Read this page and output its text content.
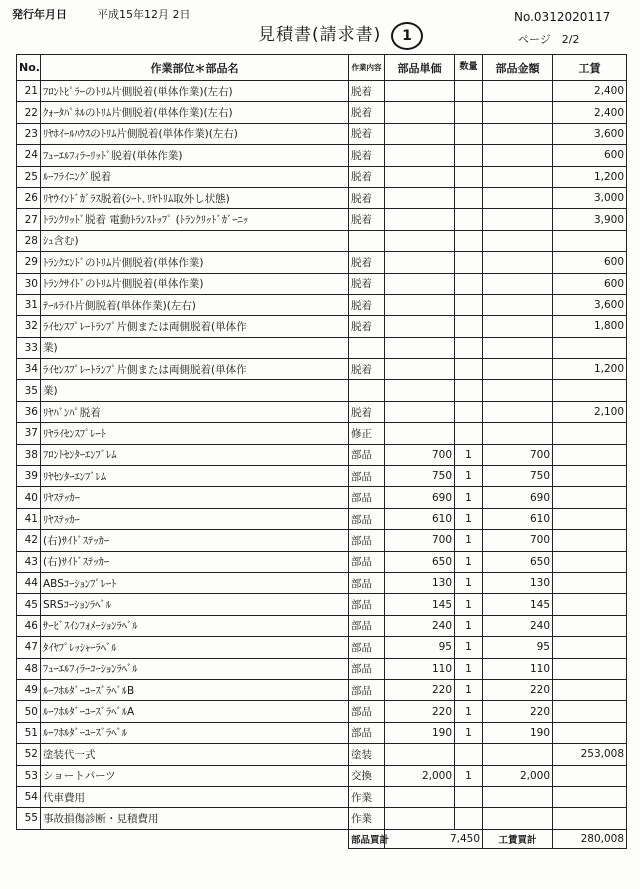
発行年月日	平成15年12月 2日
見積書(請求書)	1
No.0312020117
ページ　2/2
No.	作業部位＊部品名	作業内容	部品単価	数量	部品金額	工賃
21	ﾌﾛﾝﾄﾋﾟﾗｰのﾄﾘﾑ片側脱着(単体作業)(左右)	脱着				2,400
22	ｸｫｰﾀﾊﾟﾈﾙのﾄﾘﾑ片側脱着(単体作業)(左右)	脱着				2,400
23	ﾘﾔﾎｲｰﾙﾊｳｽのﾄﾘﾑ片側脱着(単体作業)(左右)	脱着				3,600
24	ﾌｭｰｴﾙﾌｨﾗｰﾘｯﾄﾞ脱着(単体作業)	脱着				600
25	ﾙｰﾌﾗｲﾆﾝｸﾞ脱着	脱着				1,200
26	ﾘﾔｳｲﾝﾄﾞｶﾞﾗｽ脱着(ｼｰﾄ､ﾘﾔﾄﾘﾑ取外し状態)	脱着				3,000
27	ﾄﾗﾝｸﾘｯﾄﾞ脱着 電動ﾄﾗﾝｽﾄｯﾌﾟ (ﾄﾗﾝｸﾘｯﾄﾞｶﾞｰﾆｯ	脱着				3,900
28	ｼｭ含む)					
29	ﾄﾗﾝｸｴﾝﾄﾞのﾄﾘﾑ片側脱着(単体作業)	脱着				600
30	ﾄﾗﾝｸｻｲﾄﾞのﾄﾘﾑ片側脱着(単体作業)	脱着				600
31	ﾃｰﾙﾗｲﾄ片側脱着(単体作業)(左右)	脱着				3,600
32	ﾗｲｾﾝｽﾌﾟﾚｰﾄﾗﾝﾌﾟ片側または両側脱着(単体作	脱着				1,800
33	業)					
34	ﾗｲｾﾝｽﾌﾟﾚｰﾄﾗﾝﾌﾟ片側または両側脱着(単体作	脱着				1,200
35	業)					
36	ﾘﾔﾊﾞﾝﾊﾟ脱着	脱着				2,100
37	ﾘﾔﾗｲｾﾝｽﾌﾟﾚｰﾄ	修正				
38	ﾌﾛﾝﾄｾﾝﾀｰｴﾝﾌﾞﾚﾑ	部品	700	1	700	
39	ﾘﾔｾﾝﾀｰｴﾝﾌﾞﾚﾑ	部品	750	1	750	
40	ﾘﾔｽﾃｯｶｰ	部品	690	1	690	
41	ﾘﾔｽﾃｯｶｰ	部品	610	1	610	
42	(右)ｻｲﾄﾞｽﾃｯｶｰ	部品	700	1	700	
43	(右)ｻｲﾄﾞｽﾃｯｶｰ	部品	650	1	650	
44	ABSｺｰｼｮﾝﾌﾟﾚｰﾄ	部品	130	1	130	
45	SRSｺｰｼｮﾝﾗﾍﾞﾙ	部品	145	1	145	
46	ｻｰﾋﾞｽｲﾝﾌｫﾒｰｼｮﾝﾗﾍﾞﾙ	部品	240	1	240	
47	ﾀｲﾔﾌﾟﾚｯｼｬｰﾗﾍﾞﾙ	部品	95	1	95	
48	ﾌｭｰｴﾙﾌｨﾗｰｺｰｼｮﾝﾗﾍﾞﾙ	部品	110	1	110	
49	ﾙｰﾌﾎﾙﾀﾞｰﾕｰｽﾞﾗﾍﾞﾙB	部品	220	1	220	
50	ﾙｰﾌﾎﾙﾀﾞｰﾕｰｽﾞﾗﾍﾞﾙA	部品	220	1	220	
51	ﾙｰﾌﾎﾙﾀﾞｰﾕｰｽﾞﾗﾍﾞﾙ	部品	190	1	190	
52	塗装代一式	塗装				253,008
53	ショートパーツ	交換	2,000	1	2,000	
54	代車費用	作業				
55	事故損傷診断・見積費用	作業				
		部品買計	7,450		工賃買計	280,008
